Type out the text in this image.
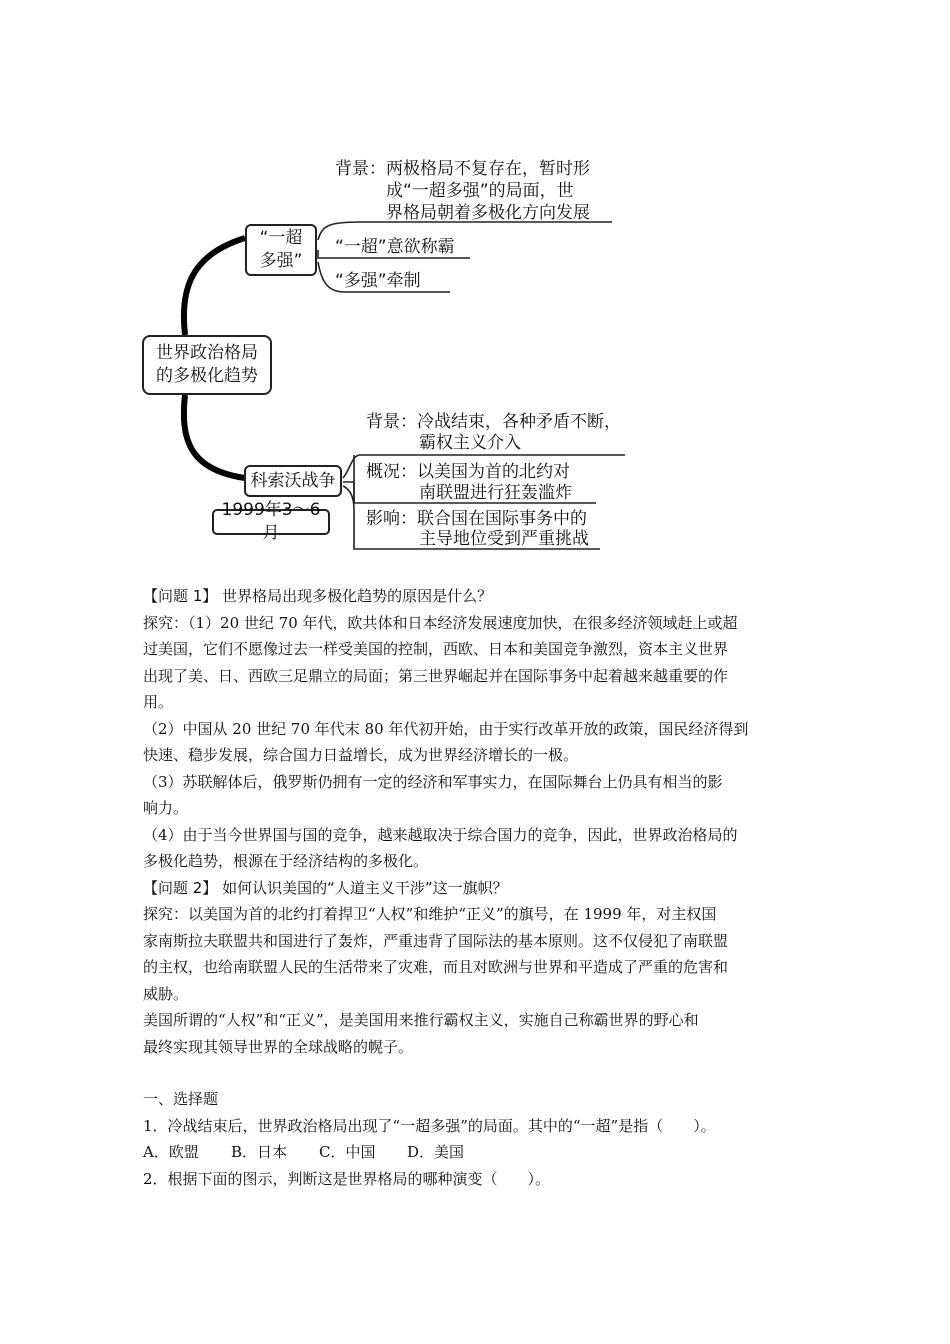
世界政治格局
的多极化趋势
“一超
多强”
背景：两极格局不复存在，暂时形
成“一超多强”的局面，世
界格局朝着多极化方向发展
“一超”意欲称霸
“多强”牵制
科索沃战争
1999年3～6月
背景：冷战结束，各种矛盾不断，
霸权主义介入
概况：以美国为首的北约对
南联盟进行狂轰滥炸
影响：联合国在国际事务中的
主导地位受到严重挑战

【问题 1】 世界格局出现多极化趋势的原因是什么？

探究：（1）20 世纪 70 年代，欧共体和日本经济发展速度加快，在很多经济领域赶上或超

过美国，它们不愿像过去一样受美国的控制，西欧、日本和美国竞争激烈，资本主义世界

出现了美、日、西欧三足鼎立的局面；第三世界崛起并在国际事务中起着越来越重要的作

用。

（2）中国从 20 世纪 70 年代末 80 年代初开始，由于实行改革开放的政策，国民经济得到

快速、稳步发展，综合国力日益增长，成为世界经济增长的一极。

（3）苏联解体后，俄罗斯仍拥有一定的经济和军事实力，在国际舞台上仍具有相当的影

响力。

（4）由于当今世界国与国的竞争，越来越取决于综合国力的竞争，因此，世界政治格局的

多极化趋势，根源在于经济结构的多极化。

【问题 2】 如何认识美国的“人道主义干涉”这一旗帜？

探究：以美国为首的北约打着捍卫“人权”和维护“正义”的旗号，在 1999 年，对主权国

家南斯拉夫联盟共和国进行了轰炸，严重违背了国际法的基本原则。这不仅侵犯了南联盟

的主权，也给南联盟人民的生活带来了灾难，而且对欧洲与世界和平造成了严重的危害和

威胁。

美国所谓的“人权”和“正义”，是美国用来推行霸权主义，实施自己称霸世界的野心和

最终实现其领导世界的全球战略的幌子。

一、选择题

1．冷战结束后，世界政治格局出现了“一超多强”的局面。其中的“一超”是指（　　）。

A．欧盟 B．日本 C．中国 D．美国

2．根据下面的图示，判断这是世界格局的哪种演变（　　）。
